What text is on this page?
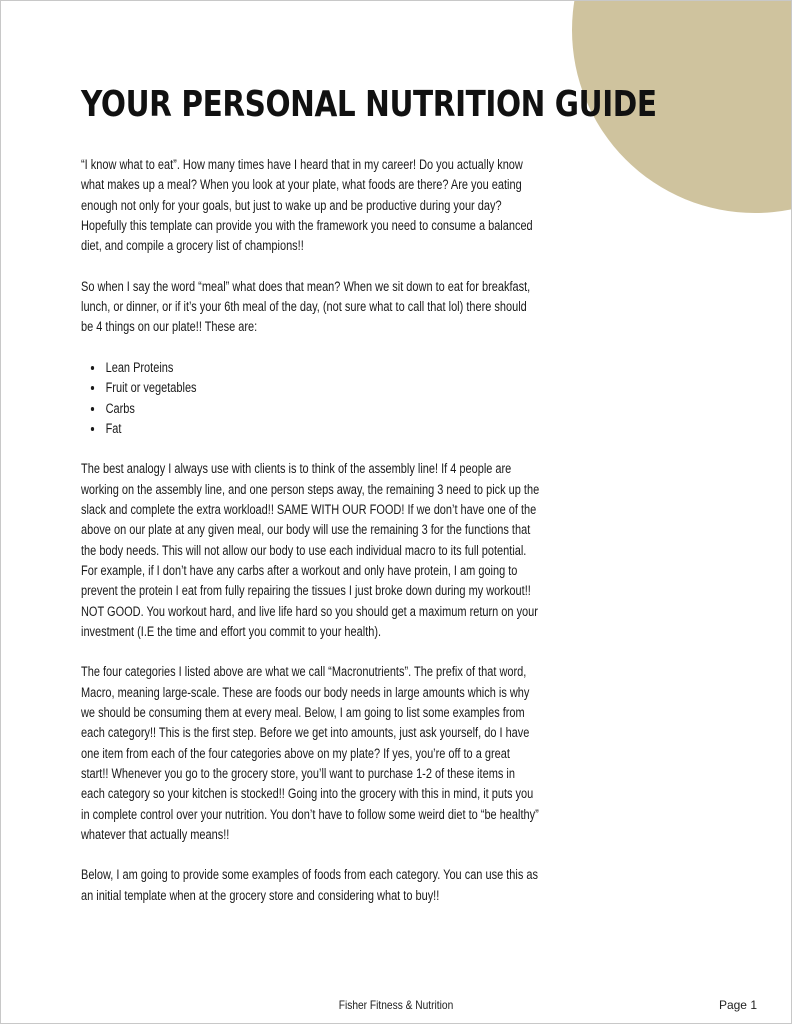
YOUR PERSONAL NUTRITION GUIDE

“I know what to eat”. How many times have I heard that in my career! Do you actually know what makes up a meal? When you look at your plate, what foods are there? Are you eating enough not only for your goals, but just to wake up and be productive during your day? Hopefully this template can provide you with the framework you need to consume a balanced diet, and compile a grocery list of champions!!

So when I say the word “meal” what does that mean? When we sit down to eat for breakfast, lunch, or dinner, or if it’s your 6th meal of the day, (not sure what to call that lol) there should be 4 things on our plate!! These are:

• Lean Proteins
• Fruit or vegetables
• Carbs
• Fat

The best analogy I always use with clients is to think of the assembly line! If 4 people are working on the assembly line, and one person steps away, the remaining 3 need to pick up the slack and complete the extra workload!! SAME WITH OUR FOOD! If we don’t have one of the above on our plate at any given meal, our body will use the remaining 3 for the functions that the body needs. This will not allow our body to use each individual macro to its full potential. For example, if I don’t have any carbs after a workout and only have protein, I am going to prevent the protein I eat from fully repairing the tissues I just broke down during my workout!! NOT GOOD. You workout hard, and live life hard so you should get a maximum return on your investment (I.E the time and effort you commit to your health).

The four categories I listed above are what we call “Macronutrients”. The prefix of that word, Macro, meaning large-scale. These are foods our body needs in large amounts which is why we should be consuming them at every meal. Below, I am going to list some examples from each category!! This is the first step. Before we get into amounts, just ask yourself, do I have one item from each of the four categories above on my plate? If yes, you’re off to a great start!! Whenever you go to the grocery store, you’ll want to purchase 1-2 of these items in each category so your kitchen is stocked!! Going into the grocery with this in mind, it puts you in complete control over your nutrition. You don’t have to follow some weird diet to “be healthy” whatever that actually means!!

Below, I am going to provide some examples of foods from each category. You can use this as an initial template when at the grocery store and considering what to buy!!

Fisher Fitness & Nutrition	Page 1
